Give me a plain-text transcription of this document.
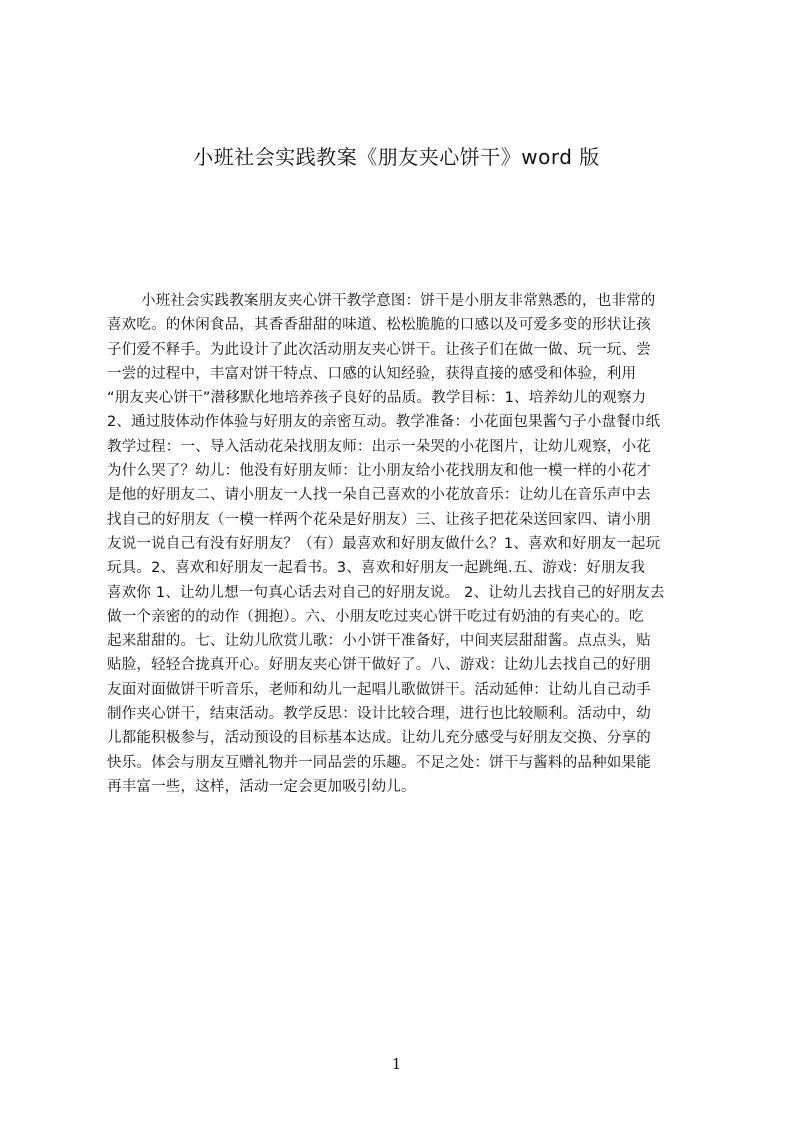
小班社会实践教案《朋友夹心饼干》word 版
小班社会实践教案朋友夹心饼干教学意图：饼干是小朋友非常熟悉的，也非常的
喜欢吃。的休闲食品，其香香甜甜的味道、松松脆脆的口感以及可爱多变的形状让孩
子们爱不释手。为此设计了此次活动朋友夹心饼干。让孩子们在做一做、玩一玩、尝
一尝的过程中，丰富对饼干特点、口感的认知经验，获得直接的感受和体验，利用
“朋友夹心饼干”潜移默化地培养孩子良好的品质。教学目标：1、培养幼儿的观察力
2、通过肢体动作体验与好朋友的亲密互动。教学准备：小花面包果酱勺子小盘餐巾纸
教学过程：一、导入活动花朵找朋友师：出示一朵哭的小花图片，让幼儿观察，小花
为什么哭了？幼儿：他没有好朋友师：让小朋友给小花找朋友和他一模一样的小花才
是他的好朋友二、请小朋友一人找一朵自己喜欢的小花放音乐：让幼儿在音乐声中去
找自己的好朋友（一模一样两个花朵是好朋友）三、让孩子把花朵送回家四、请小朋
友说一说自己有没有好朋友？（有）最喜欢和好朋友做什么？1、喜欢和好朋友一起玩
玩具。2、喜欢和好朋友一起看书。3、喜欢和好朋友一起跳绳.五、游戏：好朋友我
喜欢你 1、让幼儿想一句真心话去对自己的好朋友说。 2、让幼儿去找自己的好朋友去
做一个亲密的的动作（拥抱）。六、小朋友吃过夹心饼干吃过有奶油的有夹心的。吃
起来甜甜的。七、让幼儿欣赏儿歌：小小饼干准备好，中间夹层甜甜酱。点点头，贴
贴脸，轻轻合拢真开心。好朋友夹心饼干做好了。八、游戏：让幼儿去找自己的好朋
友面对面做饼干听音乐，老师和幼儿一起唱儿歌做饼干。活动延伸：让幼儿自己动手
制作夹心饼干，结束活动。教学反思：设计比较合理，进行也比较顺利。活动中，幼
儿都能积极参与，活动预设的目标基本达成。让幼儿充分感受与好朋友交换、分享的
快乐。体会与朋友互赠礼物并一同品尝的乐趣。不足之处：饼干与酱料的品种如果能
再丰富一些，这样，活动一定会更加吸引幼儿。
1
